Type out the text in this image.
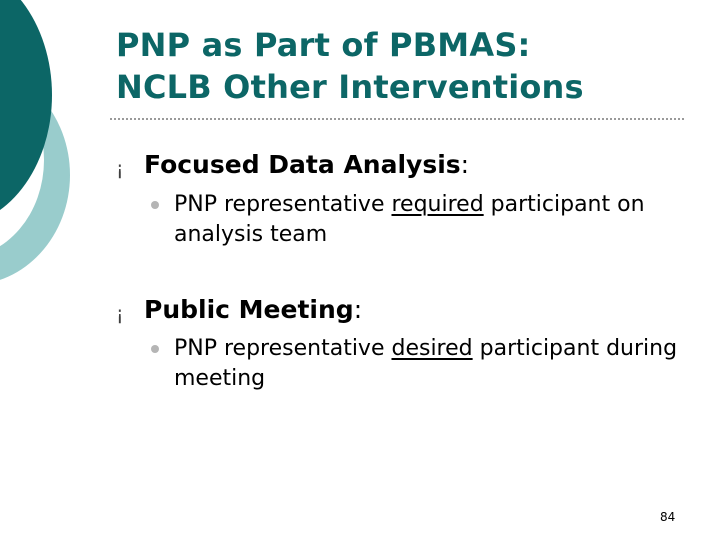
PNP as Part of PBMAS:
NCLB Other Interventions
¡ Focused Data Analysis:
PNP representative required participant on analysis team
¡ Public Meeting:
PNP representative desired participant during meeting
84
